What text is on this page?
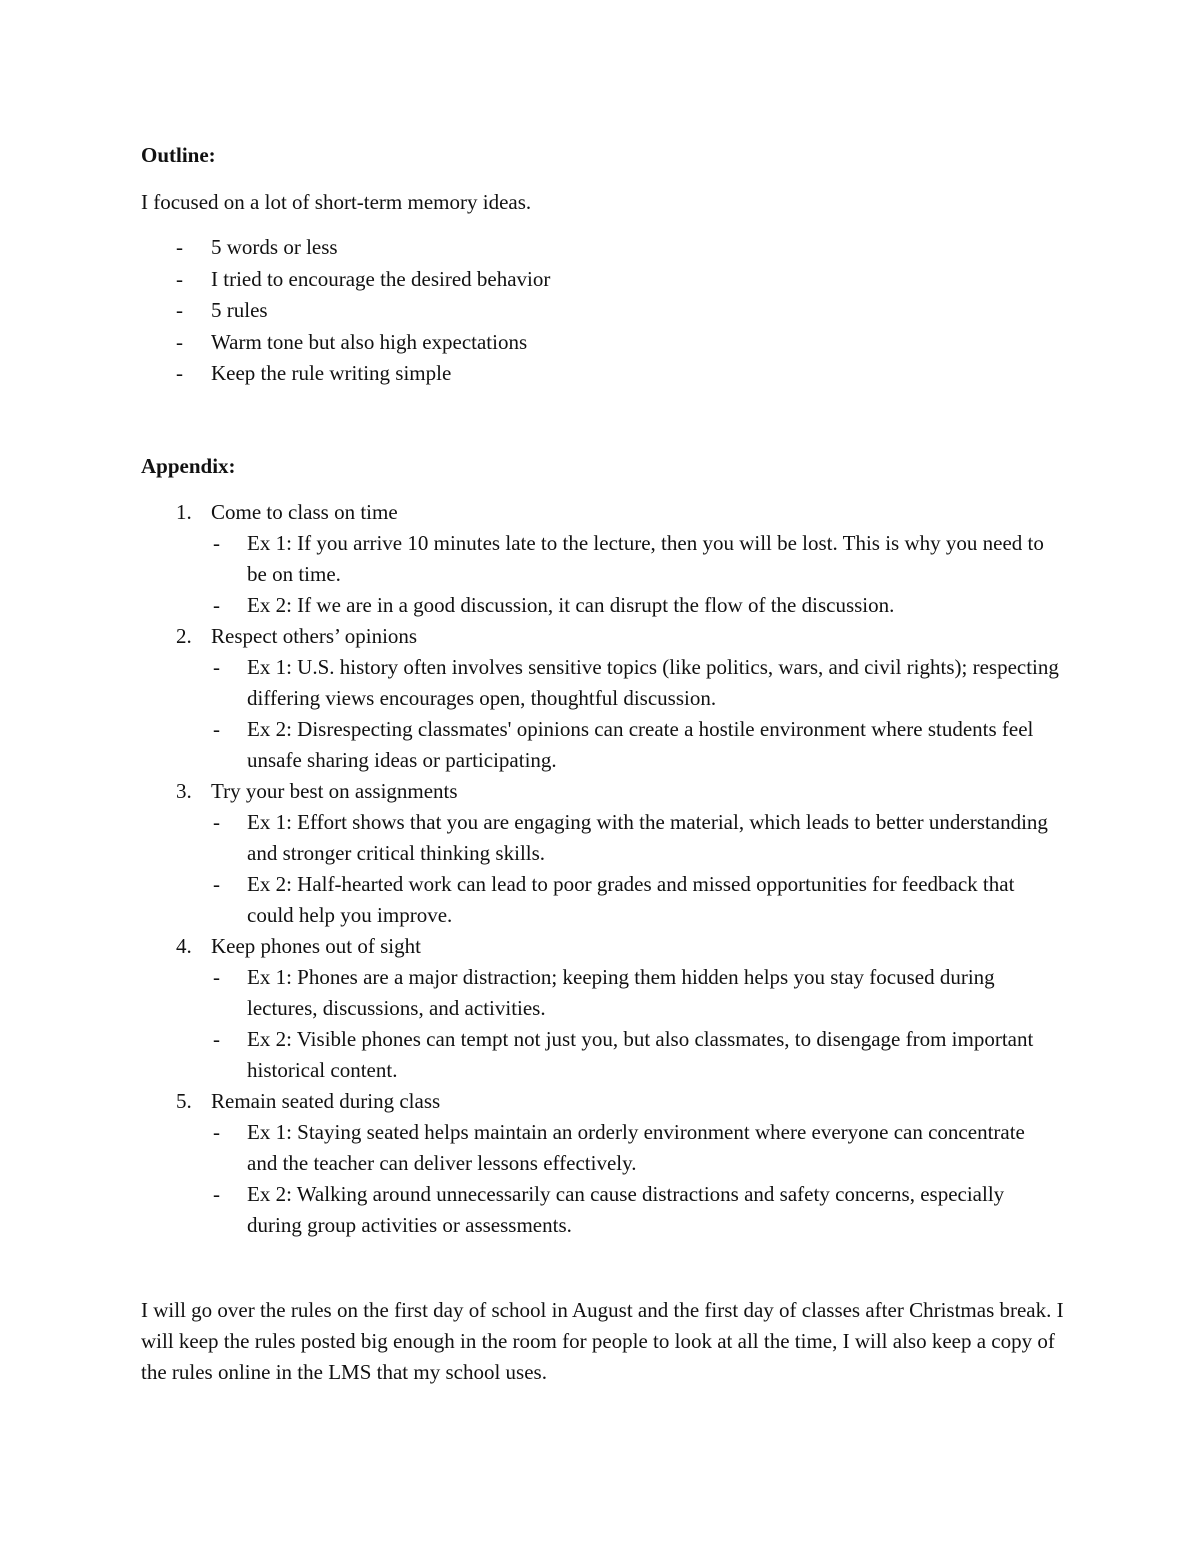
Outline:
I focused on a lot of short-term memory ideas.
- 5 words or less
- I tried to encourage the desired behavior
- 5 rules
- Warm tone but also high expectations
- Keep the rule writing simple
Appendix:
1. Come to class on time
- Ex 1: If you arrive 10 minutes late to the lecture, then you will be lost. This is why you need to be on time.
- Ex 2: If we are in a good discussion, it can disrupt the flow of the discussion.
2. Respect others’ opinions
- Ex 1: U.S. history often involves sensitive topics (like politics, wars, and civil rights); respecting differing views encourages open, thoughtful discussion.
- Ex 2: Disrespecting classmates' opinions can create a hostile environment where students feel unsafe sharing ideas or participating.
3. Try your best on assignments
- Ex 1: Effort shows that you are engaging with the material, which leads to better understanding and stronger critical thinking skills.
- Ex 2: Half-hearted work can lead to poor grades and missed opportunities for feedback that could help you improve.
4. Keep phones out of sight
- Ex 1: Phones are a major distraction; keeping them hidden helps you stay focused during lectures, discussions, and activities.
- Ex 2: Visible phones can tempt not just you, but also classmates, to disengage from important historical content.
5. Remain seated during class
- Ex 1: Staying seated helps maintain an orderly environment where everyone can concentrate and the teacher can deliver lessons effectively.
- Ex 2: Walking around unnecessarily can cause distractions and safety concerns, especially during group activities or assessments.
I will go over the rules on the first day of school in August and the first day of classes after Christmas break. I will keep the rules posted big enough in the room for people to look at all the time, I will also keep a copy of the rules online in the LMS that my school uses.
